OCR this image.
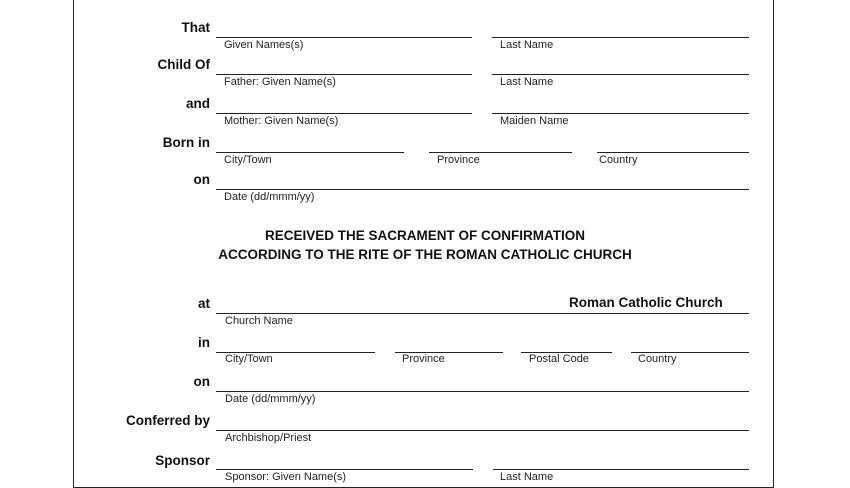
That
Given Names(s)	Last Name
Child Of
Father: Given Name(s)	Last Name
and
Mother: Given Name(s)	Maiden Name
Born in
City/Town	Province	Country
on
Date (dd/mmm/yy)
RECEIVED THE SACRAMENT OF CONFIRMATION
ACCORDING TO THE RITE OF THE ROMAN CATHOLIC CHURCH
at	Roman Catholic Church
Church Name
in
City/Town	Province	Postal Code	Country
on
Date (dd/mmm/yy)
Conferred by
Archbishop/Priest
Sponsor
Sponsor: Given Name(s)	Last Name
